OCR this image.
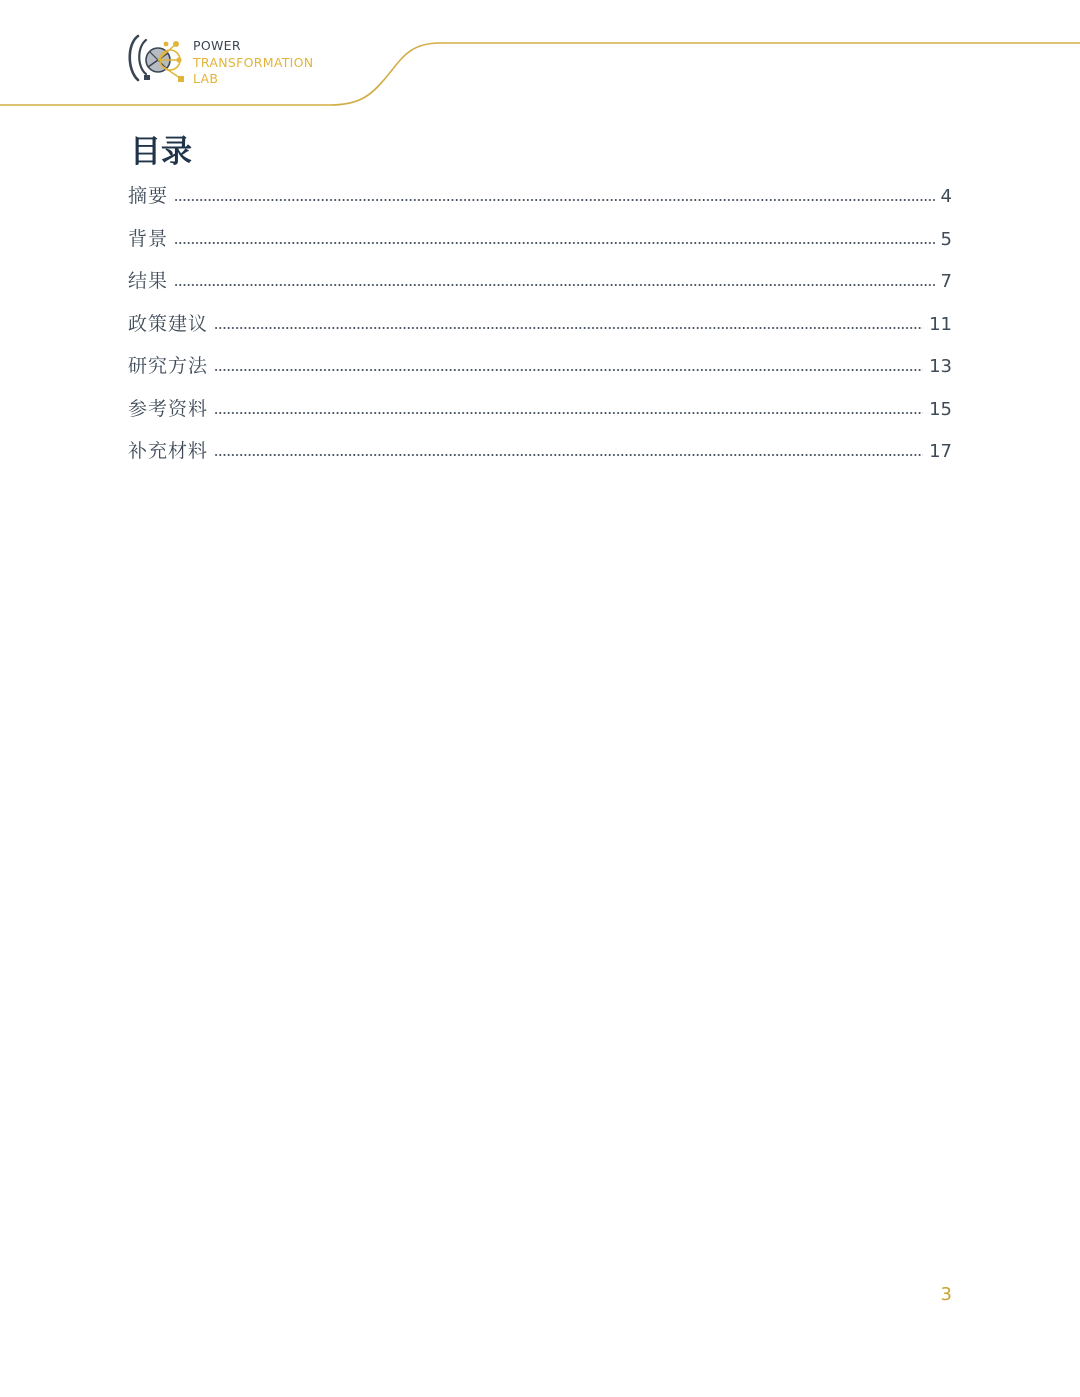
POWER
TRANSFORMATION
LAB
目录
摘要	4
背景	5
结果	7
政策建议	11
研究方法	13
参考资料	15
补充材料	17
3
